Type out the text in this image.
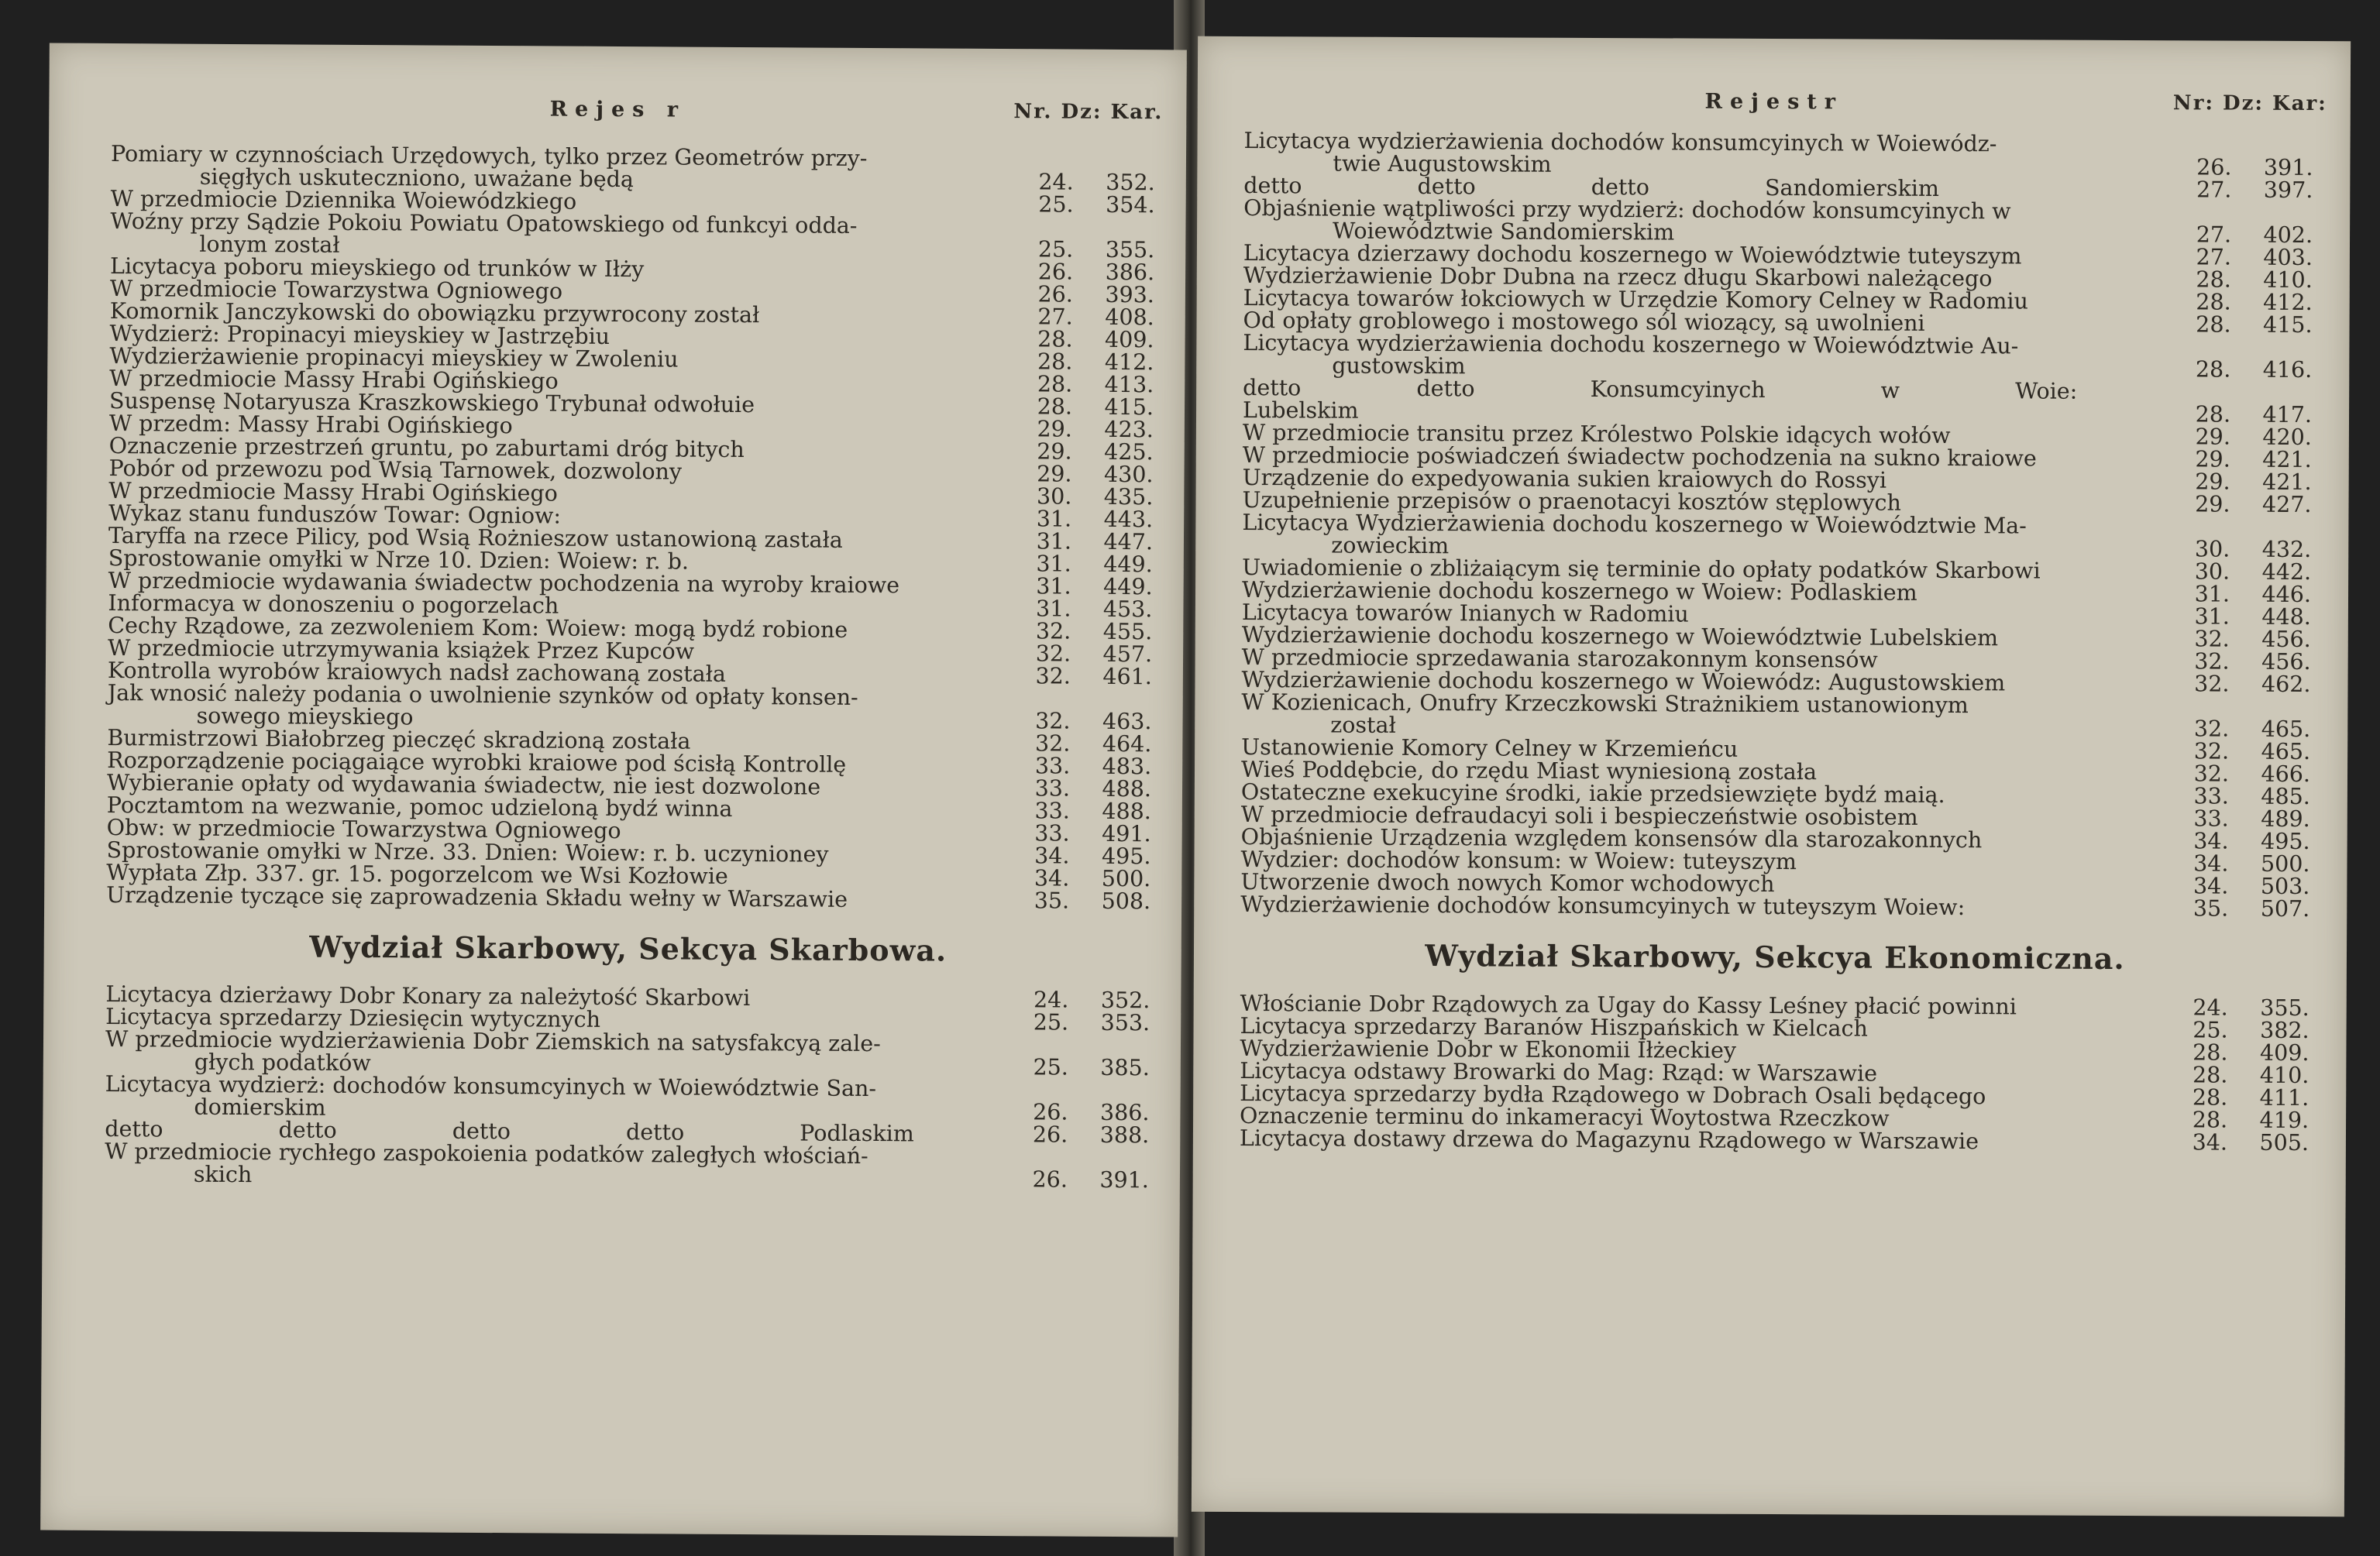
Rejes r	Nr. Dz: Kar.
Pomiary w czynnościach Urzędowych, tylko przez Geometrów przy-
sięgłych uskuteczniono, uważane będą	24.	352.
W przedmiocie Dziennika Woiewódzkiego	25.	354.
Woźny przy Sądzie Pokoiu Powiatu Opatowskiego od funkcyi odda-
lonym został	25.	355.
Licytacya poboru mieyskiego od trunków w Iłży	26.	386.
W przedmiocie Towarzystwa Ogniowego	26.	393.
Komornik Janczykowski do obowiązku przywrocony został	27.	408.
Wydzierż: Propinacyi mieyskiey w Jastrzębiu	28.	409.
Wydzierżawienie propinacyi mieyskiey w Zwoleniu	28.	412.
W przedmiocie Massy Hrabi Ogińskiego	28.	413.
Suspensę Notaryusza Kraszkowskiego Trybunał odwołuie	28.	415.
W przedm: Massy Hrabi Ogińskiego	29.	423.
Oznaczenie przestrzeń gruntu, po zaburtami dróg bitych	29.	425.
Pobór od przewozu pod Wsią Tarnowek, dozwolony	29.	430.
W przedmiocie Massy Hrabi Ogińskiego	30.	435.
Wykaz stanu funduszów Towar: Ogniow:	31.	443.
Taryffa na rzece Pilicy, pod Wsią Rożnieszow ustanowioną zastała	31.	447.
Sprostowanie omyłki w Nrze 10. Dzien: Woiew: r. b.	31.	449.
W przedmiocie wydawania świadectw pochodzenia na wyroby kraiowe	31.	449.
Informacya w donoszeniu o pogorzelach	31.	453.
Cechy Rządowe, za zezwoleniem Kom: Woiew: mogą bydź robione	32.	455.
W przedmiocie utrzymywania książek Przez Kupców	32.	457.
Kontrolla wyrobów kraiowych nadsł zachowaną została	32.	461.
Jak wnosić należy podania o uwolnienie szynków od opłaty konsen-
sowego mieyskiego	32.	463.
Burmistrzowi Białobrzeg pieczęć skradzioną została	32.	464.
Rozporządzenie pociągaiące wyrobki kraiowe pod ścisłą Kontrollę	33.	483.
Wybieranie opłaty od wydawania świadectw, nie iest dozwolone	33.	488.
Pocztamtom na wezwanie, pomoc udzieloną bydź winna	33.	488.
Obw: w przedmiocie Towarzystwa Ogniowego	33.	491.
Sprostowanie omyłki w Nrze. 33. Dnien: Woiew: r. b. uczynioney	34.	495.
Wypłata Złp. 337. gr. 15. pogorzelcom we Wsi Kozłowie	34.	500.
Urządzenie tyczące się zaprowadzenia Składu wełny w Warszawie	35.	508.
Wydział Skarbowy, Sekcya Skarbowa.
Licytacya dzierżawy Dobr Konary za należytość Skarbowi	24.	352.
Licytacya sprzedarzy Dziesięcin wytycznych	25.	353.
W przedmiocie wydzierżawienia Dobr Ziemskich na satysfakcyą zale-
głych podatków	25.	385.
Licytacya wydzierż: dochodów konsumcyinych w Woiewództwie San-
domierskim	26.	386.
detto detto detto detto Podlaskim	26.	388.
W przedmiocie rychłego zaspokoienia podatków zaległych włościań-
skich	26.	391.
Rejestr	Nr: Dz: Kar:
Licytacya wydzierżawienia dochodów konsumcyinych w Woiewódz-
twie Augustowskim	26.	391.
detto detto detto Sandomierskim	27.	397.
Objaśnienie wątpliwości przy wydzierż: dochodów konsumcyinych w
Woiewództwie Sandomierskim	27.	402.
Licytacya dzierzawy dochodu koszernego w Woiewództwie tuteyszym	27.	403.
Wydzierżawienie Dobr Dubna na rzecz długu Skarbowi należącego	28.	410.
Licytacya towarów łokciowych w Urzędzie Komory Celney w Radomiu	28.	412.
Od opłaty groblowego i mostowego sól wiozący, są uwolnieni	28.	415.
Licytacya wydzierżawienia dochodu koszernego w Woiewództwie Au-
gustowskim	28.	416.
detto detto Konsumcyinych w Woie: Lubelskim	28.	417.
W przedmiocie transitu przez Królestwo Polskie idących wołów	29.	420.
W przedmiocie poświadczeń świadectw pochodzenia na sukno kraiowe	29.	421.
Urządzenie do expedyowania sukien kraiowych do Rossyi	29.	421.
Uzupełnienie przepisów o praenotacyi kosztów stęplowych	29.	427.
Licytacya Wydzierżawienia dochodu koszernego w Woiewództwie Ma-
zowieckim	30.	432.
Uwiadomienie o zbliżaiącym się terminie do opłaty podatków Skarbowi	30.	442.
Wydzierżawienie dochodu koszernego w Woiew: Podlaskiem	31.	446.
Licytacya towarów Inianych w Radomiu	31.	448.
Wydzierżawienie dochodu koszernego w Woiewództwie Lubelskiem	32.	456.
W przedmiocie sprzedawania starozakonnym konsensów	32.	456.
Wydzierżawienie dochodu koszernego w Woiewódz: Augustowskiem	32.	462.
W Kozienicach, Onufry Krzeczkowski Strażnikiem ustanowionym
został	32.	465.
Ustanowienie Komory Celney w Krzemieńcu	32.	465.
Wieś Poddębcie, do rzędu Miast wyniesioną została	32.	466.
Ostateczne exekucyine środki, iakie przedsiewzięte bydź maią.	33.	485.
W przedmiocie defraudacyi soli i bespieczeństwie osobistem	33.	489.
Objaśnienie Urządzenia względem konsensów dla starozakonnych	34.	495.
Wydzier: dochodów konsum: w Woiew: tuteyszym	34.	500.
Utworzenie dwoch nowych Komor wchodowych	34.	503.
Wydzierżawienie dochodów konsumcyinych w tuteyszym Woiew:	35.	507.
Wydział Skarbowy, Sekcya Ekonomiczna.
Włościanie Dobr Rządowych za Ugay do Kassy Leśney płacić powinni	24.	355.
Licytacya sprzedarzy Baranów Hiszpańskich w Kielcach	25.	382.
Wydzierżawienie Dobr w Ekonomii Iłżeckiey	28.	409.
Licytacya odstawy Browarki do Mag: Rząd: w Warszawie	28.	410.
Licytacya sprzedarzy bydła Rządowego w Dobrach Osali będącego	28.	411.
Oznaczenie terminu do inkameracyi Woytostwa Rzeczkow	28.	419.
Licytacya dostawy drzewa do Magazynu Rządowego w Warszawie	34.	505.
